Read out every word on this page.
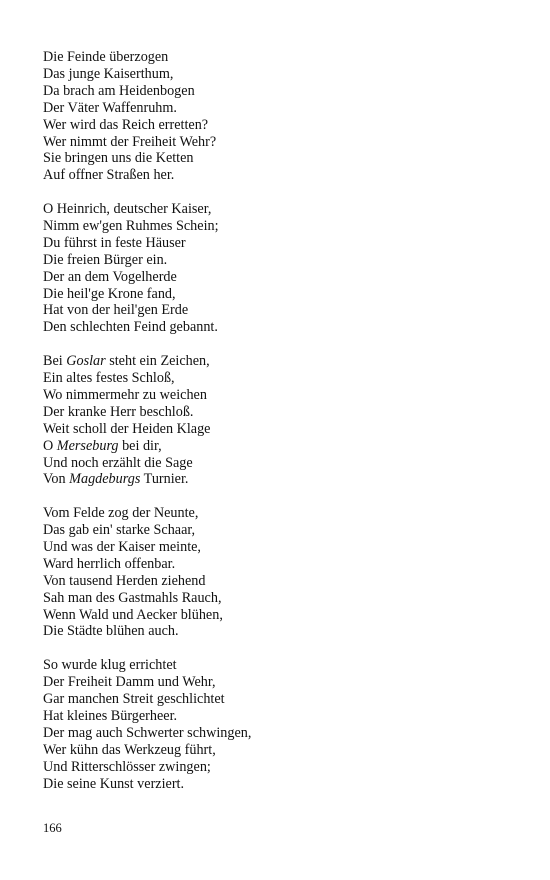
Die Feinde überzogen
Das junge Kaiserthum,
Da brach am Heidenbogen
Der Väter Waffenruhm.
Wer wird das Reich erretten?
Wer nimmt der Freiheit Wehr?
Sie bringen uns die Ketten
Auf offner Straßen her.
O Heinrich, deutscher Kaiser,
Nimm ew'gen Ruhmes Schein;
Du führst in feste Häuser
Die freien Bürger ein.
Der an dem Vogelherde
Die heil'ge Krone fand,
Hat von der heil'gen Erde
Den schlechten Feind gebannt.
Bei Goslar steht ein Zeichen,
Ein altes festes Schloß,
Wo nimmermehr zu weichen
Der kranke Herr beschloß.
Weit scholl der Heiden Klage
O Merseburg bei dir,
Und noch erzählt die Sage
Von Magdeburgs Turnier.
Vom Felde zog der Neunte,
Das gab ein' starke Schaar,
Und was der Kaiser meinte,
Ward herrlich offenbar.
Von tausend Herden ziehend
Sah man des Gastmahls Rauch,
Wenn Wald und Aecker blühen,
Die Städte blühen auch.
So wurde klug errichtet
Der Freiheit Damm und Wehr,
Gar manchen Streit geschlichtet
Hat kleines Bürgerheer.
Der mag auch Schwerter schwingen,
Wer kühn das Werkzeug führt,
Und Ritterschlösser zwingen;
Die seine Kunst verziert.
166
